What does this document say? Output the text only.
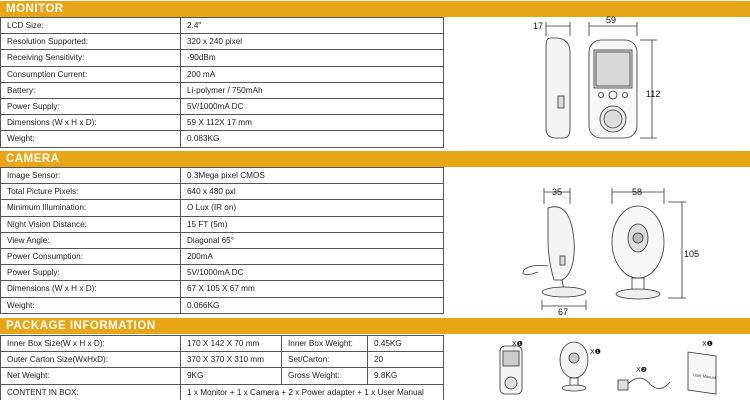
MONITOR
LCD Size:	2.4"
Resolution Supported:	320 x 240 pixel
Receiving Sensitivity:	-90dBm
Consumption Current:	200 mA
Battery:	Li-polymer / 750mAh
Power Supply:	5V/1000mA DC
Dimensions (W x H x D):	59 X 112X 17 mm
Weight:	0.083KG
17
59
112
CAMERA
Image Sensor:	0.3Mega pixel CMOS
Total Picture Pixels:	640 x 480 pxl
Minimum Illumination:	O Lux (IR on)
Night Vision Distance:	15 FT (5m)
View Angle:	Diagonal 65°
Power Consumption:	200mA
Power Supply:	5V/1000mA DC
Dimensions (W x H x D):	67 X 105 X 67 mm
Weight:	0.066KG
35	58
105
67
PACKAGE INFORMATION
Inner Box Size(W x H x D):	170 X 142 X 70 mm	Inner Box Weight:	0.45KG
Outer Carton Size(WxHxD):	370 X 370 X 310 mm	Set/Carton:	20
Net Weight:	9KG	Gross Weight:	9.8KG
CONTENT IN BOX:	1 x Monitor + 1 x Camera + 2 x Power adapter + 1 x User Manual		
X❶
X❶
X❷
X❶
User Manual
